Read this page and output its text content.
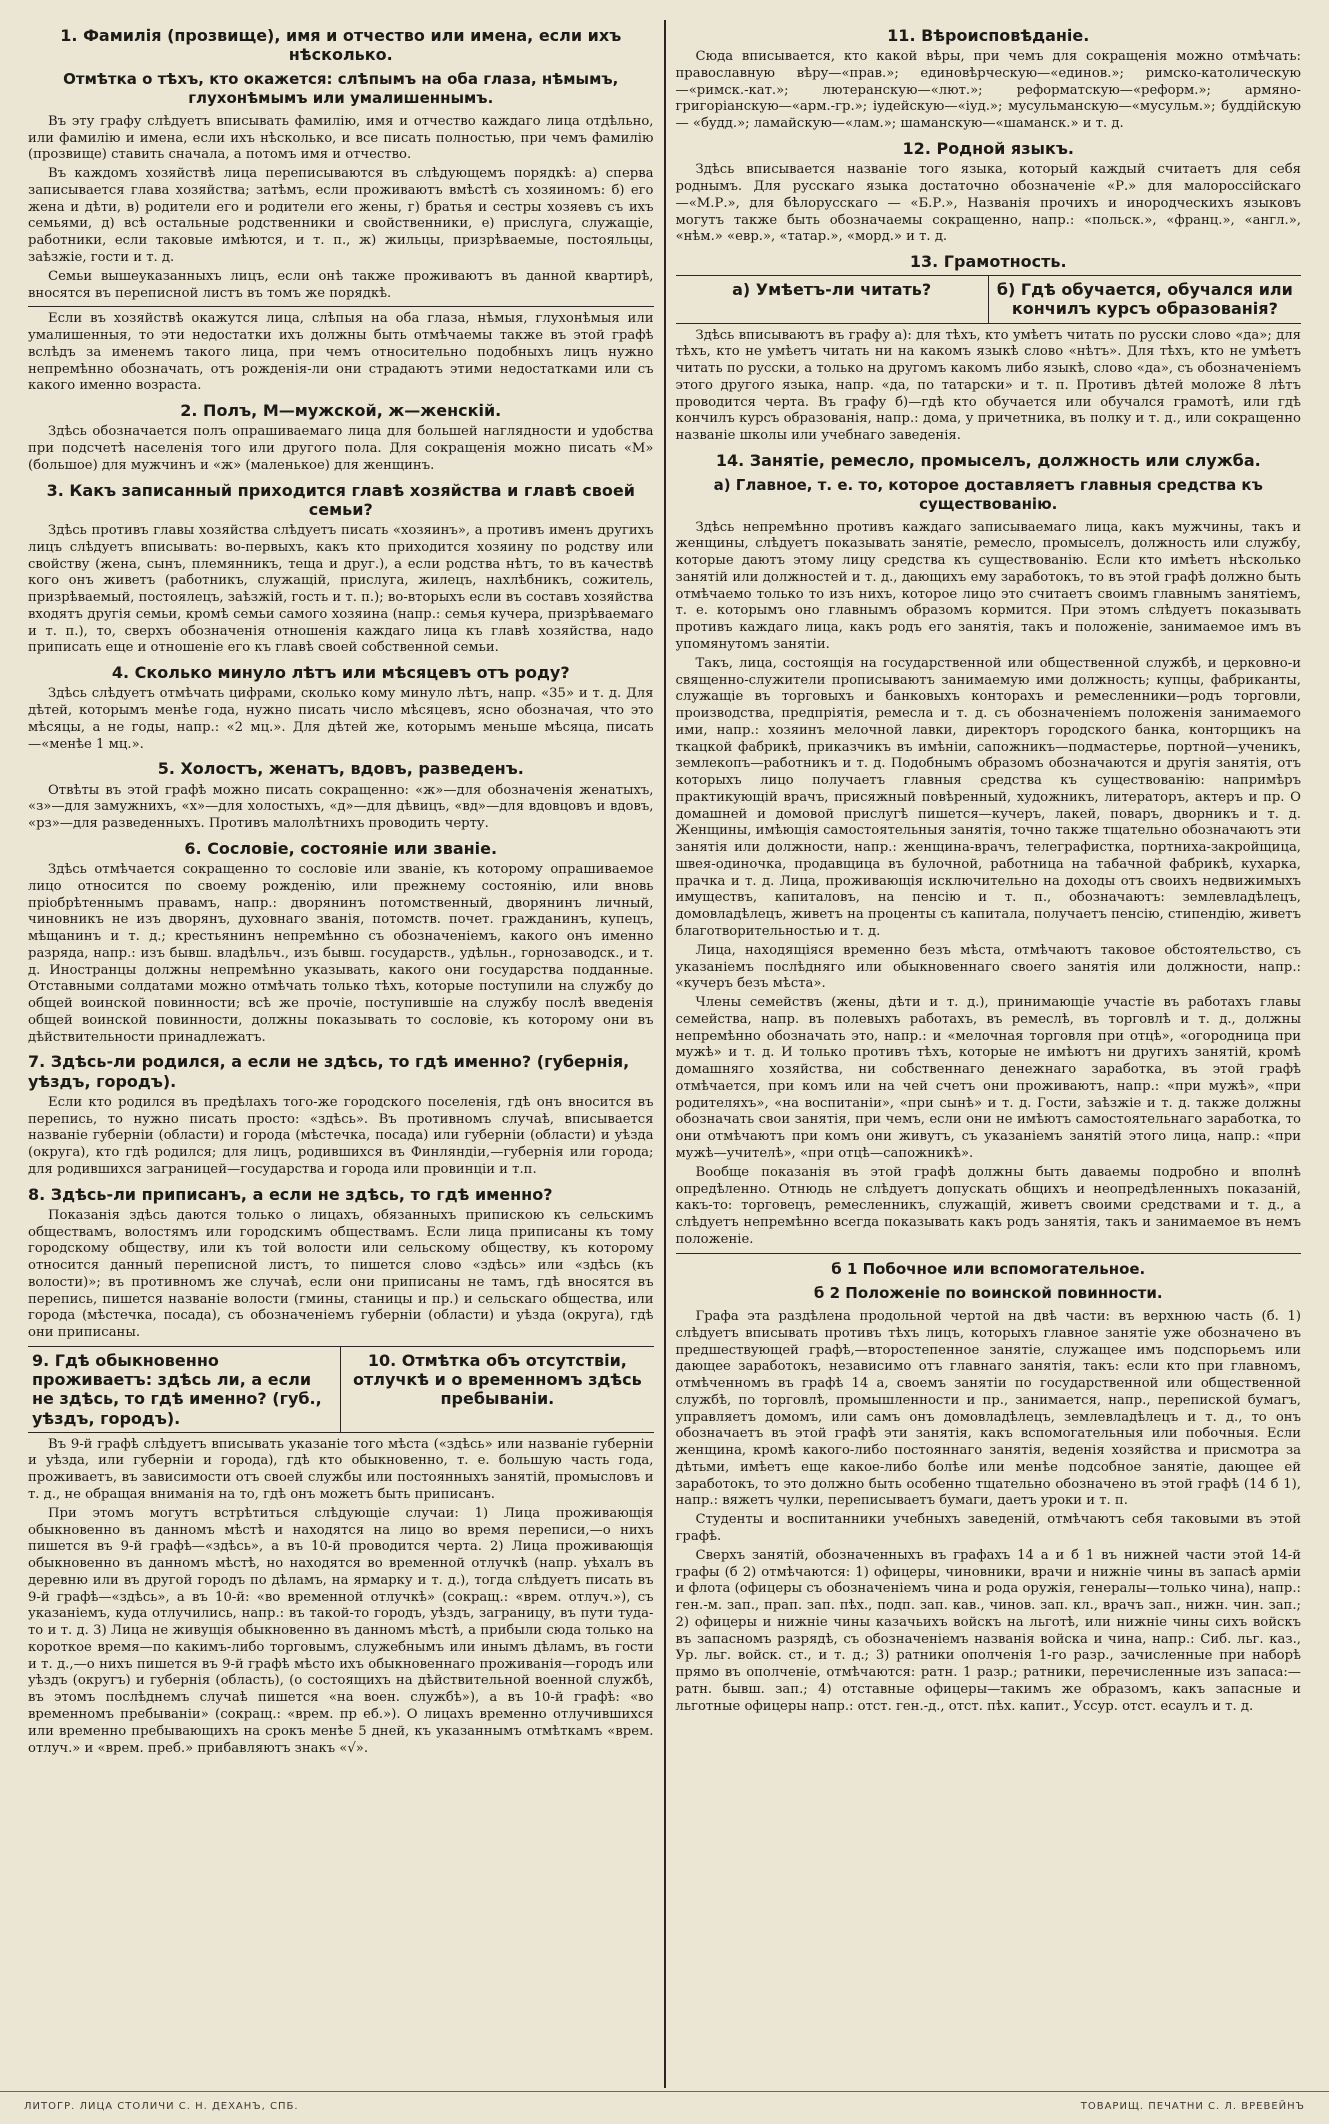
1. Фамилія (прозвище), имя и отчество или имена, если ихъ нѣсколько.
Отмѣтка о тѣхъ, кто окажется: слѣпымъ на оба глаза, нѣмымъ, глухонѣмымъ или умалишеннымъ.

Въ эту графу слѣдуетъ вписывать фамилію, имя и отчество каждаго лица отдѣльно, или фамилію и имена, если ихъ нѣсколько, и все писать полностью, при чемъ фамилію (прозвище) ставить сначала, а потомъ имя и отчество.

Въ каждомъ хозяйствѣ лица переписываются въ слѣдующемъ порядкѣ: а) сперва записывается глава хозяйства; затѣмъ, если проживаютъ вмѣстѣ съ хозяиномъ: б) его жена и дѣти, в) родители его и родители его жены, г) братья и сестры хозяевъ съ ихъ семьями, д) всѣ остальные родственники и свойственники, е) прислуга, служащіе, работники, если таковые имѣются, и т. п., ж) жильцы, призрѣваемые, постояльцы, заѣзжіе, гости и т. д.

Семьи вышеуказанныхъ лицъ, если онѣ также проживаютъ въ данной квартирѣ, вносятся въ переписной листъ въ томъ же порядкѣ.

Если въ хозяйствѣ окажутся лица, слѣпыя на оба глаза, нѣмыя, глухонѣмыя или умалишенныя, то эти недостатки ихъ должны быть отмѣчаемы также въ этой графѣ вслѣдъ за именемъ такого лица, при чемъ относительно подобныхъ лицъ нужно непремѣнно обозначать, отъ рожденія-ли они страдаютъ этими недостатками или съ какого именно возраста.

2. Полъ, М—мужской, ж—женскій.

Здѣсь обозначается полъ опрашиваемаго лица для большей наглядности и удобства при подсчетѣ населенія того или другого пола. Для сокращенія можно писать «М» (большое) для мужчинъ и «ж» (маленькое) для женщинъ.

3. Какъ записанный приходится главѣ хозяйства и главѣ своей семьи?

Здѣсь противъ главы хозяйства слѣдуетъ писать «хозяинъ», а противъ именъ другихъ лицъ слѣдуетъ вписывать: во-первыхъ, какъ кто приходится хозяину по родству или свойству (жена, сынъ, племянникъ, теща и друг.), а если родства нѣтъ, то въ качествѣ кого онъ живетъ (работникъ, служащій, прислуга, жилецъ, нахлѣбникъ, сожитель, призрѣваемый, постоялецъ, заѣзжій, гость и т. п.); во-вторыхъ если въ составъ хозяйства входятъ другія семьи, кромѣ семьи самого хозяина (напр.: семья кучера, призрѣваемаго и т. п.), то, сверхъ обозначенія отношенія каждаго лица къ главѣ хозяйства, надо приписать еще и отношеніе его къ главѣ своей собственной семьи.

4. Сколько минуло лѣтъ или мѣсяцевъ отъ роду?

Здѣсь слѣдуетъ отмѣчать цифрами, сколько кому минуло лѣтъ, напр. «35» и т. д. Для дѣтей, которымъ менѣе года, нужно писать число мѣсяцевъ, ясно обозначая, что это мѣсяцы, а не годы, напр.: «2 мц.». Для дѣтей же, которымъ меньше мѣсяца, писать—«менѣе 1 мц.».

5. Холостъ, женатъ, вдовъ, разведенъ.

Отвѣты въ этой графѣ можно писать сокращенно: «ж»—для обозначенія женатыхъ, «з»—для замужнихъ, «х»—для холостыхъ, «д»—для дѣвицъ, «вд»—для вдовцовъ и вдовъ, «рз»—для разведенныхъ. Противъ малолѣтнихъ проводить черту.

6. Сословіе, состояніе или званіе.

Здѣсь отмѣчается сокращенно то сословіе или званіе, къ которому опрашиваемое лицо относится по своему рожденію, или прежнему состоянію, или вновь пріобрѣтеннымъ правамъ, напр.: дворянинъ потомственный, дворянинъ личный, чиновникъ не изъ дворянъ, духовнаго званія, потомств. почет. гражданинъ, купецъ, мѣщанинъ и т. д.; крестьянинъ непремѣнно съ обозначеніемъ, какого онъ именно разряда, напр.: изъ бывш. владѣльч., изъ бывш. государств., удѣльн., горнозаводск., и т. д. Иностранцы должны непремѣнно указывать, какого они государства подданные. Отставными солдатами можно отмѣчать только тѣхъ, которые поступили на службу до общей воинской повинности; всѣ же прочіе, поступившіе на службу послѣ введенія общей воинской повинности, должны показывать то сословіе, къ которому они въ дѣйствительности принадлежатъ.

7. Здѣсь-ли родился, а если не здѣсь, то гдѣ именно? (губернія, уѣздъ, городъ).

Если кто родился въ предѣлахъ того-же городского поселенія, гдѣ онъ вносится въ перепись, то нужно писать просто: «здѣсь». Въ противномъ случаѣ, вписывается названіе губерніи (области) и города (мѣстечка, посада) или губерніи (области) и уѣзда (округа), кто гдѣ родился; для лицъ, родившихся въ Финляндіи,—губернія или города; для родившихся заграницей—государства и города или провинціи и т.п.

8. Здѣсь-ли приписанъ, а если не здѣсь, то гдѣ именно?

Показанія здѣсь даются только о лицахъ, обязанныхъ припискою къ сельскимъ обществамъ, волостямъ или городскимъ обществамъ. Если лица приписаны къ тому городскому обществу, или къ той волости или сельскому обществу, къ которому относится данный переписной листъ, то пишется слово «здѣсь» или «здѣсь (къ волости)»; въ противномъ же случаѣ, если они приписаны не тамъ, гдѣ вносятся въ перепись, пишется названіе волости (гмины, станицы и пр.) и сельскаго общества, или города (мѣстечка, посада), съ обозначеніемъ губерніи (области) и уѣзда (округа), гдѣ они приписаны.

9. Гдѣ обыкновенно проживаетъ: здѣсь ли, а если не здѣсь, то гдѣ именно? (губ., уѣздъ, городъ).
10. Отмѣтка объ отсутствіи, отлучкѣ и о временномъ здѣсь пребываніи.

Въ 9-й графѣ слѣдуетъ вписывать указаніе того мѣста («здѣсь» или названіе губерніи и уѣзда, или губерніи и города), гдѣ кто обыкновенно, т. е. большую часть года, проживаетъ, въ зависимости отъ своей службы или постоянныхъ занятій, промысловъ и т. д., не обращая вниманія на то, гдѣ онъ можетъ быть приписанъ.

При этомъ могутъ встрѣтиться слѣдующіе случаи: 1) Лица проживающія обыкновенно въ данномъ мѣстѣ и находятся на лицо во время переписи,—о нихъ пишется въ 9-й графѣ—«здѣсь», а въ 10-й проводится черта. 2) Лица проживающія обыкновенно въ данномъ мѣстѣ, но находятся во временной отлучкѣ (напр. уѣхалъ въ деревню или въ другой городъ по дѣламъ, на ярмарку и т. д.), тогда слѣдуетъ писать въ 9-й графѣ—«здѣсь», а въ 10-й: «во временной отлучкѣ» (сокращ.: «врем. отлуч.»), съ указаніемъ, куда отлучились, напр.: въ такой-то городъ, уѣздъ, заграницу, въ пути туда-то и т. д. 3) Лица не живущія обыкновенно въ данномъ мѣстѣ, а прибыли сюда только на короткое время—по какимъ-либо торговымъ, служебнымъ или инымъ дѣламъ, въ гости и т. д.,—о нихъ пишется въ 9-й графѣ мѣсто ихъ обыкновеннаго проживанія—городъ или уѣздъ (округъ) и губернія (область), (о состоящихъ на дѣйствительной военной службѣ, въ этомъ послѣднемъ случаѣ пишется «на воен. службѣ»), а въ 10-й графѣ: «во временномъ пребываніи» (сокращ.: «врем. пр еб.»). О лицахъ временно отлучившихся или временно пребывающихъ на срокъ менѣе 5 дней, къ указаннымъ отмѣткамъ «врем. отлуч.» и «врем. преб.» прибавляютъ знакъ «√».

11. Вѣроисповѣданіе.

Сюда вписывается, кто какой вѣры, при чемъ для сокращенія можно отмѣчать: православную вѣру—«прав.»; единовѣрческую—«единов.»; римско-католическую—«римск.-кат.»; лютеранскую—«лют.»; реформатскую—«реформ.»; армяно-григоріанскую—«арм.-гр.»; іудейскую—«іуд.»; мусульманскую—«мусульм.»; буддійскую — «будд.»; ламайскую—«лам.»; шаманскую—«шаманск.» и т. д.

12. Родной языкъ.

Здѣсь вписывается названіе того языка, который каждый считаетъ для себя роднымъ. Для русскаго языка достаточно обозначеніе «Р.» для малороссійскаго—«М.Р.», для бѣлорусскаго — «Б.Р.», Названія прочихъ и инородческихъ языковъ могутъ также быть обозначаемы сокращенно, напр.: «польск.», «франц.», «англ.», «нѣм.» «евр.», «татар.», «морд.» и т. д.

13. Грамотность.
а) Умѣетъ-ли читать?	б) Гдѣ обучается, обучался или кончилъ курсъ образованія?

Здѣсь вписываютъ въ графу а): для тѣхъ, кто умѣетъ читать по русски слово «да»; для тѣхъ, кто не умѣетъ читать ни на какомъ языкѣ слово «нѣтъ». Для тѣхъ, кто не умѣетъ читать по русски, а только на другомъ какомъ либо языкѣ, слово «да», съ обозначеніемъ этого другого языка, напр. «да, по татарски» и т. п. Противъ дѣтей моложе 8 лѣтъ проводится черта. Въ графу б)—гдѣ кто обучается или обучался грамотѣ, или гдѣ кончилъ курсъ образованія, напр.: дома, у причетника, въ полку и т. д., или сокращенно названіе школы или учебнаго заведенія.

14. Занятіе, ремесло, промыселъ, должность или служба.
а) Главное, т. е. то, которое доставляетъ главныя средства къ существованію.

Здѣсь непремѣнно противъ каждаго записываемаго лица, какъ мужчины, такъ и женщины, слѣдуетъ показывать занятіе, ремесло, промыселъ, должность или службу, которые даютъ этому лицу средства къ существованію. Если кто имѣетъ нѣсколько занятій или должностей и т. д., дающихъ ему заработокъ, то въ этой графѣ должно быть отмѣчаемо только то изъ нихъ, которое лицо это считаетъ своимъ главнымъ занятіемъ, т. е. которымъ оно главнымъ образомъ кормится. При этомъ слѣдуетъ показывать противъ каждаго лица, какъ родъ его занятія, такъ и положеніе, занимаемое имъ въ упомянутомъ занятіи.

Такъ, лица, состоящія на государственной или общественной службѣ, и церковно-и священно-служители прописываютъ занимаемую ими должность; купцы, фабриканты, служащіе въ торговыхъ и банковыхъ конторахъ и ремесленники—родъ торговли, производства, предпріятія, ремесла и т. д. съ обозначеніемъ положенія занимаемого ими, напр.: хозяинъ мелочной лавки, директоръ городского банка, конторщикъ на ткацкой фабрикѣ, приказчикъ въ имѣніи, сапожникъ—подмастерье, портной—ученикъ, землекопъ—работникъ и т. д. Подобнымъ образомъ обозначаются и другія занятія, отъ которыхъ лицо получаетъ главныя средства къ существованію: напримѣръ практикующій врачъ, присяжный повѣренный, художникъ, литераторъ, актеръ и пр. О домашней и домовой прислугѣ пишется—кучеръ, лакей, поваръ, дворникъ и т. д. Женщины, имѣющія самостоятельныя занятія, точно также тщательно обозначаютъ эти занятія или должности, напр.: женщина-врачъ, телеграфистка, портниха-закройщица, швея-одиночка, продавщица въ булочной, работница на табачной фабрикѣ, кухарка, прачка и т. д. Лица, проживающія исключительно на доходы отъ своихъ недвижимыхъ имуществъ, капиталовъ, на пенсію и т. п., обозначаютъ: землевладѣлецъ, домовладѣлецъ, живетъ на проценты съ капитала, получаетъ пенсію, стипендію, живетъ благотворительностью и т. д.

Лица, находящіяся временно безъ мѣста, отмѣчаютъ таковое обстоятельство, съ указаніемъ послѣдняго или обыкновеннаго своего занятія или должности, напр.: «кучеръ безъ мѣста».

Члены семействъ (жены, дѣти и т. д.), принимающіе участіе въ работахъ главы семейства, напр. въ полевыхъ работахъ, въ ремеслѣ, въ торговлѣ и т. д., должны непремѣнно обозначать это, напр.: и «мелочная торговля при отцѣ», «огородница при мужѣ» и т. д. И только противъ тѣхъ, которые не имѣютъ ни другихъ занятій, кромѣ домашняго хозяйства, ни собственнаго денежнаго заработка, въ этой графѣ отмѣчается, при комъ или на чей счетъ они проживаютъ, напр.: «при мужѣ», «при родителяхъ», «на воспитаніи», «при сынѣ» и т. д. Гости, заѣзжіе и т. д. также должны обозначать свои занятія, при чемъ, если они не имѣютъ самостоятельнаго заработка, то они отмѣчаютъ при комъ они живутъ, съ указаніемъ занятій этого лица, напр.: «при мужѣ—учителѣ», «при отцѣ—сапожникѣ».

Вообще показанія въ этой графѣ должны быть даваемы подробно и вполнѣ опредѣленно. Отнюдь не слѣдуетъ допускать общихъ и неопредѣленныхъ показаній, какъ-то: торговецъ, ремесленникъ, служащій, живетъ своими средствами и т. д., а слѣдуетъ непремѣнно всегда показывать какъ родъ занятія, такъ и занимаемое въ немъ положеніе.

б 1 Побочное или вспомогательное.
б 2 Положеніе по воинской повинности.

Графа эта раздѣлена продольной чертой на двѣ части: въ верхнюю часть (б. 1) слѣдуетъ вписывать противъ тѣхъ лицъ, которыхъ главное занятіе уже обозначено въ предшествующей графѣ,—второстепенное занятіе, служащее имъ подспорьемъ или дающее заработокъ, независимо отъ главнаго занятія, такъ: если кто при главномъ, отмѣченномъ въ графѣ 14 а, своемъ занятіи по государственной или общественной службѣ, по торговлѣ, промышленности и пр., занимается, напр., перепиской бумагъ, управляетъ домомъ, или самъ онъ домовладѣлецъ, землевладѣлецъ и т. д., то онъ обозначаетъ въ этой графѣ эти занятія, какъ вспомогательныя или побочныя. Если женщина, кромѣ какого-либо постояннаго занятія, веденія хозяйства и присмотра за дѣтьми, имѣетъ еще какое-либо болѣе или менѣе подсобное занятіе, дающее ей заработокъ, то это должно быть особенно тщательно обозначено въ этой графѣ (14 б 1), напр.: вяжетъ чулки, переписываетъ бумаги, даетъ уроки и т. п.

Студенты и воспитанники учебныхъ заведеній, отмѣчаютъ себя таковыми въ этой графѣ.

Сверхъ занятій, обозначенныхъ въ графахъ 14 а и б 1 въ нижней части этой 14-й графы (б 2) отмѣчаются: 1) офицеры, чиновники, врачи и нижніе чины въ запасѣ арміи и флота (офицеры съ обозначеніемъ чина и рода оружія, генералы—только чина), напр.: ген.-м. зап., прап. зап. пѣх., подп. зап. кав., чинов. зап. кл., врачъ зап., нижн. чин. зап.; 2) офицеры и нижніе чины казачьихъ войскъ на льготѣ, или нижніе чины сихъ войскъ въ запасномъ разрядѣ, съ обозначеніемъ названія войска и чина, напр.: Сиб. льг. каз., Ур. льг. войск. ст., и т. д.; 3) ратники ополченія 1-го разр., зачисленные при наборѣ прямо въ ополченіе, отмѣчаются: ратн. 1 разр.; ратники, перечисленные изъ запаса:—ратн. бывш. зап.; 4) отставные офицеры—такимъ же образомъ, какъ запасные и льготные офицеры напр.: отст. ген.-д., отст. пѣх. капит., Уссур. отст. есаулъ и т. д.

ЛИТОГР. ЛИЦА СТОЛИЧИ С. Н. ДЕХАНЪ, СПБ.	ТОВАРИЩ. ПЕЧАТНИ С. Л. ВРЕВЕЙНЪ
